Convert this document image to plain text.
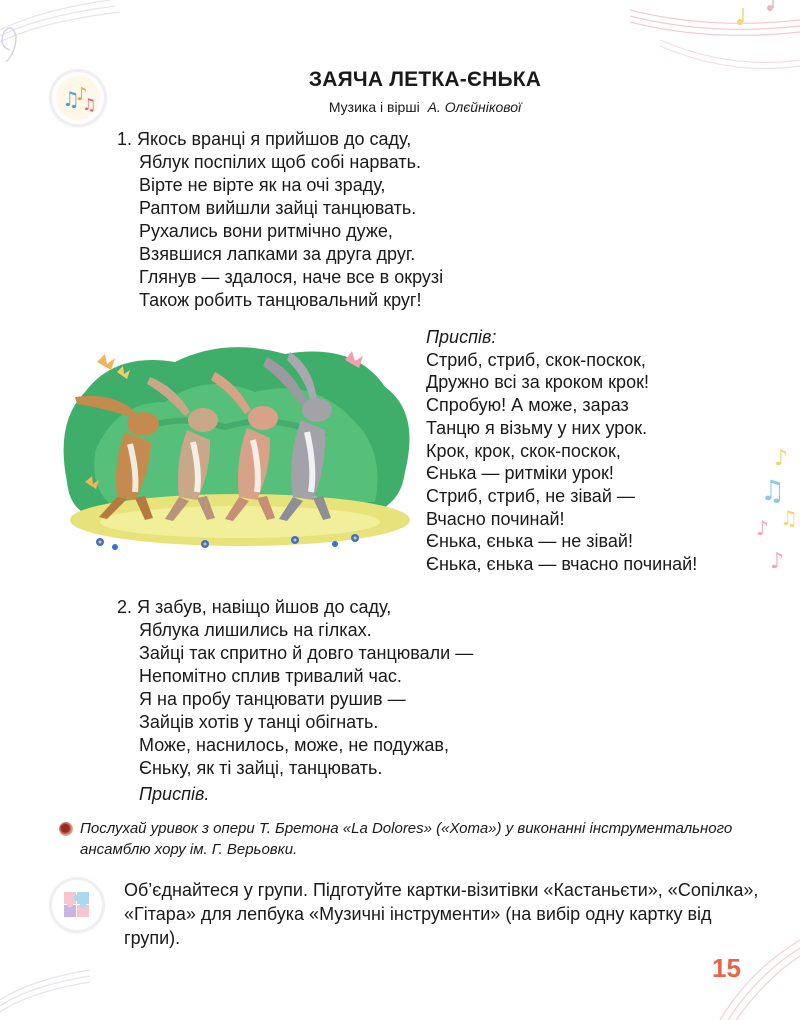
♪
♫
♪ ♫
♪
♫
♪
♫
ЗАЯЧА ЛЕТКА-ЄНЬКА
Музика і вірші А. Олєйнікової
1. Якось вранці я прийшов до саду,
Яблук поспілих щоб собі нарвать.
Вірте не вірте як на очі зраду,
Раптом вийшли зайці танцювать.
Рухались вони ритмічно дуже,
Взявшися лапками за друга друг.
Глянув — здалося, наче все в окрузі
Також робить танцювальний круг!
Приспів:
Стриб, стриб, скок-поскок,
Дружно всі за кроком крок!
Спробую! А може, зараз
Танцю я візьму у них урок.
Крок, крок, скок-поскок,
Єнька — ритміки урок!
Стриб, стриб, не зівай —
Вчасно починай!
Єнька, єнька — не зівай!
Єнька, єнька — вчасно починай!
2. Я забув, навіщо йшов до саду,
Яблука лишились на гілках.
Зайці так спритно й довго танцювали —
Непомітно сплив тривалий час.
Я на пробу танцювати рушив —
Зайців хотів у танці обігнать.
Може, наснилось, може, не подужав,
Єньку, як ті зайці, танцювать.
Приспів.
Послухай уривок з опери Т. Бретона «La Dolores» («Хота») у виконанні інструментального ансамблю хору ім. Г. Верьовки.
Об’єднайтеся у групи. Підготуйте картки-візитівки «Кастаньєти», «Сопілка», «Гітара» для лепбука «Музичні інструменти» (на вибір одну картку від групи).
15
